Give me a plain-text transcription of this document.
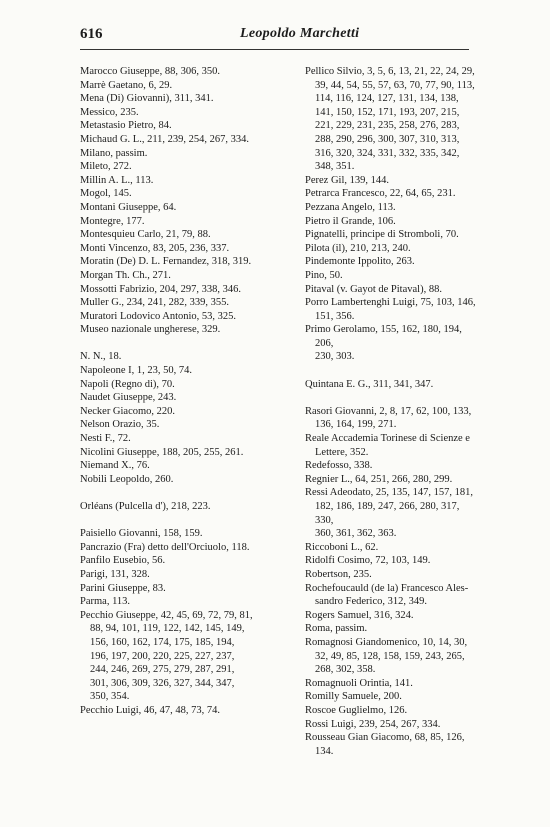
616	Leopoldo Marchetti

Marocco Giuseppe, 88, 306, 350.

Marrè Gaetano, 6, 29.

Mena (Di) Giovanni), 311, 341.

Messico, 235.

Metastasio Pietro, 84.

Michaud G. L., 211, 239, 254, 267, 334.

Milano, passim.

Mileto, 272.

Millin A. L., 113.

Mogol, 145.

Montani Giuseppe, 64.

Montegre, 177.

Montesquieu Carlo, 21, 79, 88.

Monti Vincenzo, 83, 205, 236, 337.

Moratin (De) D. L. Fernandez, 318, 319.

Morgan Th. Ch., 271.

Mossotti Fabrizio, 204, 297, 338, 346.

Muller G., 234, 241, 282, 339, 355.

Muratori Lodovico Antonio, 53, 325.

Museo nazionale ungherese, 329.

N. N., 18.

Napoleone I, 1, 23, 50, 74.

Napoli (Regno di), 70.

Naudet Giuseppe, 243.

Necker Giacomo, 220.

Nelson Orazio, 35.

Nesti F., 72.

Nicolini Giuseppe, 188, 205, 255, 261.

Niemand X., 76.

Nobili Leopoldo, 260.

Orléans (Pulcella d'), 218, 223.

Paisiello Giovanni, 158, 159.

Pancrazio (Fra) detto dell'Orciuolo, 118.

Panfilo Eusebio, 56.

Parigi, 131, 328.

Parini Giuseppe, 83.

Parma, 113.

Pecchio Giuseppe, 42, 45, 69, 72, 79, 81,
88, 94, 101, 119, 122, 142, 145, 149,
156, 160, 162, 174, 175, 185, 194,
196, 197, 200, 220, 225, 227, 237,
244, 246, 269, 275, 279, 287, 291,
301, 306, 309, 326, 327, 344, 347,
350, 354.

Pecchio Luigi, 46, 47, 48, 73, 74.

Pellico Silvio, 3, 5, 6, 13, 21, 22, 24, 29,
39, 44, 54, 55, 57, 63, 70, 77, 90, 113,
114, 116, 124, 127, 131, 134, 138,
141, 150, 152, 171, 193, 207, 215,
221, 229, 231, 235, 258, 276, 283,
288, 290, 296, 300, 307, 310, 313,
316, 320, 324, 331, 332, 335, 342,
348, 351.

Perez Gil, 139, 144.

Petrarca Francesco, 22, 64, 65, 231.

Pezzana Angelo, 113.

Pietro il Grande, 106.

Pignatelli, principe di Stromboli, 70.

Pilota (il), 210, 213, 240.

Pindemonte Ippolito, 263.

Pino, 50.

Pitaval (v. Gayot de Pitaval), 88.

Porro Lambertenghi Luigi, 75, 103, 146,
151, 356.

Primo Gerolamo, 155, 162, 180, 194, 206,
230, 303.

Quintana E. G., 311, 341, 347.

Rasori Giovanni, 2, 8, 17, 62, 100, 133,
136, 164, 199, 271.

Reale Accademia Torinese di Scienze e
Lettere, 352.

Redefosso, 338.

Regnier L., 64, 251, 266, 280, 299.

Ressi Adeodato, 25, 135, 147, 157, 181,
182, 186, 189, 247, 266, 280, 317, 330,
360, 361, 362, 363.

Riccoboni L., 62.

Ridolfi Cosimo, 72, 103, 149.

Robertson, 235.

Rochefoucauld (de la) Francesco Ales-
sandro Federico, 312, 349.

Rogers Samuel, 316, 324.

Roma, passim.

Romagnosi Giandomenico, 10, 14, 30,
32, 49, 85, 128, 158, 159, 243, 265,
268, 302, 358.

Romagnuoli Orintia, 141.

Romilly Samuele, 200.

Roscoe Guglielmo, 126.

Rossi Luigi, 239, 254, 267, 334.

Rousseau Gian Giacomo, 68, 85, 126, 134.
